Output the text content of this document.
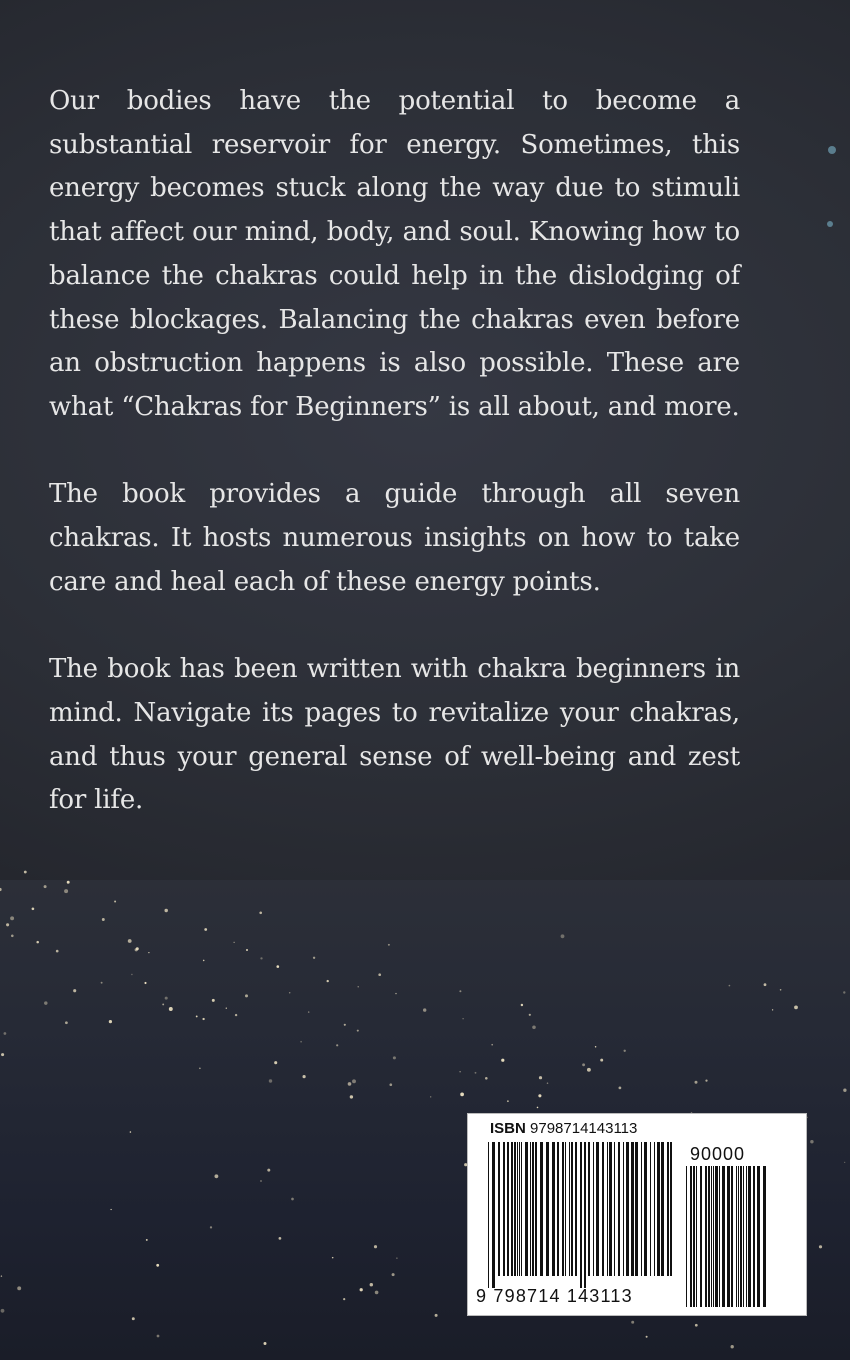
Our bodies have the potential to become a substantial reservoir for energy. Sometimes, this energy becomes stuck along the way due to stimuli that affect our mind, body, and soul. Knowing how to balance the chakras could help in the dislodging of these blockages. Balancing the chakras even before an obstruction happens is also possible. These are what “Chakras for Beginners” is all about, and more.

The book provides a guide through all seven chakras. It hosts numerous insights on how to take care and heal each of these energy points.

The book has been written with chakra beginners in mind. Navigate its pages to revitalize your chakras, and thus your general sense of well-being and zest for life.

ISBN 9798714143113
90000
9 798714 143113
